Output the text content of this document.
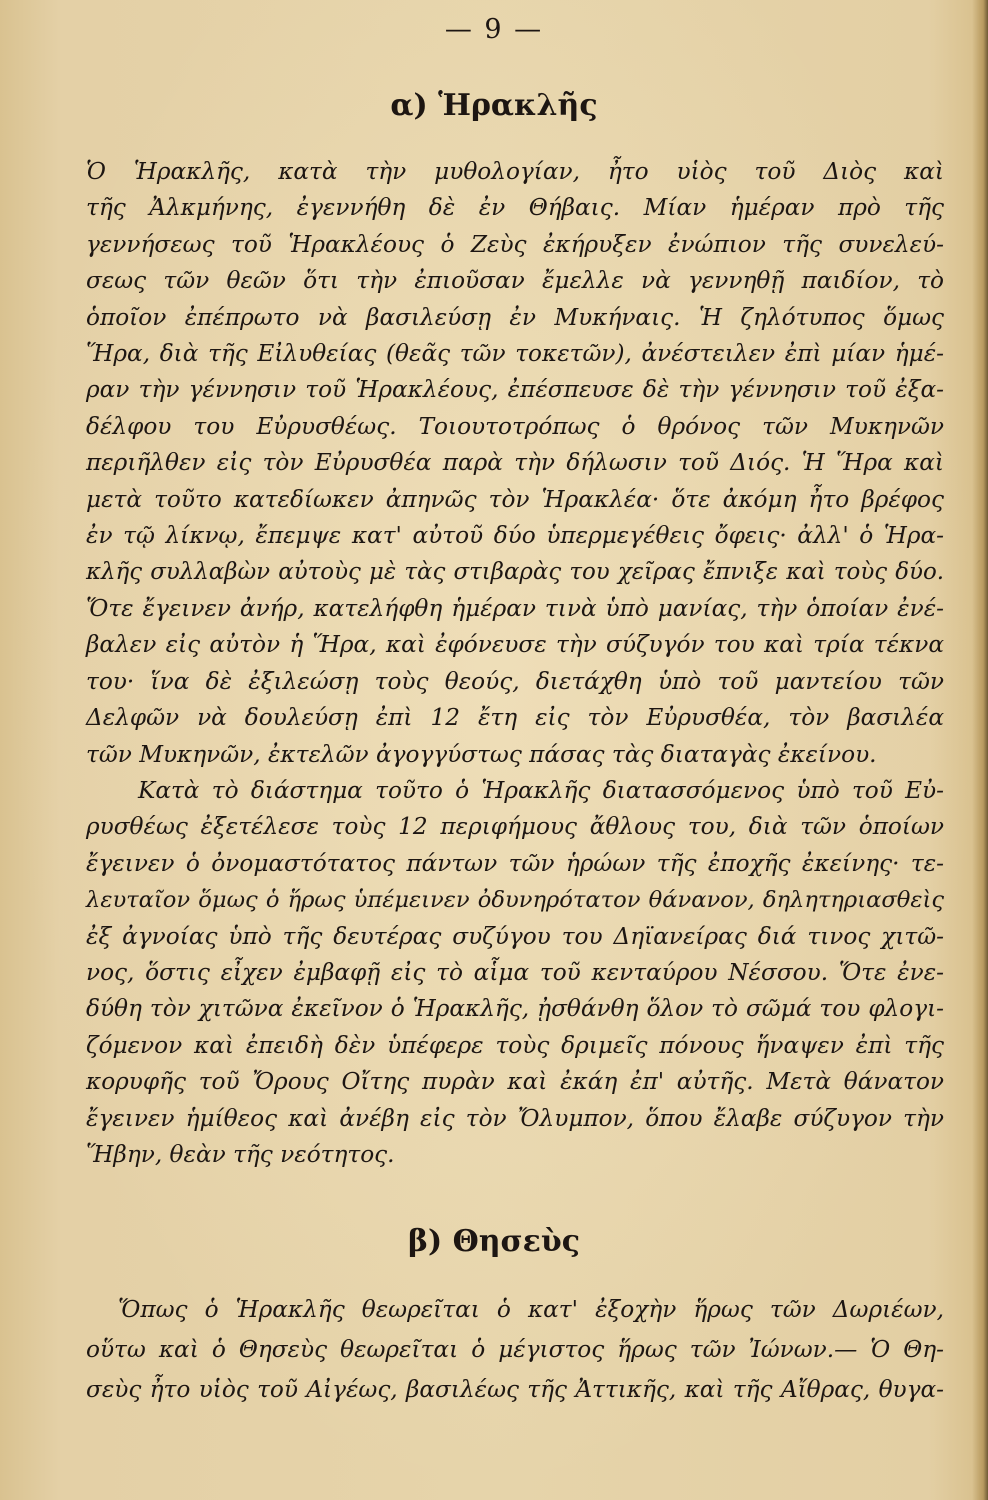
— 9 —
α) Ἡρακλῆς
Ὁ Ἡρακλῆς, κατὰ τὴν μυθολογίαν, ἦτο υἱὸς τοῦ Διὸς καὶ
τῆς Ἀλκμήνης, ἐγεννήθη δὲ ἐν Θήβαις. Μίαν ἡμέραν πρὸ τῆς
γεννήσεως τοῦ Ἡρακλέους ὁ Ζεὺς ἐκήρυξεν ἐνώπιον τῆς συνελεύ-
σεως τῶν θεῶν ὅτι τὴν ἐπιοῦσαν ἔμελλε νὰ γεννηθῇ παιδίον, τὸ
ὁποῖον ἐπέπρωτο νὰ βασιλεύσῃ ἐν Μυκήναις. Ἡ ζηλότυπος ὅμως
Ἥρα, διὰ τῆς Εἰλυθείας (θεᾶς τῶν τοκετῶν), ἀνέστειλεν ἐπὶ μίαν ἡμέ-
ραν τὴν γέννησιν τοῦ Ἡρακλέους, ἐπέσπευσε δὲ τὴν γέννησιν τοῦ ἐξα-
δέλφου του Εὐρυσθέως. Τοιουτοτρόπως ὁ θρόνος τῶν Μυκηνῶν
περιῆλθεν εἰς τὸν Εὐρυσθέα παρὰ τὴν δήλωσιν τοῦ Διός. Ἡ Ἥρα καὶ
μετὰ τοῦτο κατεδίωκεν ἀπηνῶς τὸν Ἡρακλέα· ὅτε ἀκόμη ἦτο βρέφος
ἐν τῷ λίκνῳ, ἔπεμψε κατ' αὐτοῦ δύο ὑπερμεγέθεις ὄφεις· ἀλλ' ὁ Ἡρα-
κλῆς συλλαβὼν αὐτοὺς μὲ τὰς στιβαρὰς του χεῖρας ἔπνιξε καὶ τοὺς δύο.
Ὅτε ἔγεινεν ἀνήρ, κατελήφθη ἡμέραν τινὰ ὑπὸ μανίας, τὴν ὁποίαν ἐνέ-
βαλεν εἰς αὐτὸν ἡ Ἥρα, καὶ ἐφόνευσε τὴν σύζυγόν του καὶ τρία τέκνα
του· ἵνα δὲ ἐξιλεώσῃ τοὺς θεούς, διετάχθη ὑπὸ τοῦ μαντείου τῶν
Δελφῶν νὰ δουλεύσῃ ἐπὶ 12 ἔτη εἰς τὸν Εὐρυσθέα, τὸν βασιλέα
τῶν Μυκηνῶν, ἐκτελῶν ἀγογγύστως πάσας τὰς διαταγὰς ἐκείνου.
Κατὰ τὸ διάστημα τοῦτο ὁ Ἡρακλῆς διατασσόμενος ὑπὸ τοῦ Εὐ-
ρυσθέως ἐξετέλεσε τοὺς 12 περιφήμους ἄθλους του, διὰ τῶν ὁποίων
ἔγεινεν ὁ ὀνομαστότατος πάντων τῶν ἡρώων τῆς ἐποχῆς ἐκείνης· τε-
λευταῖον ὅμως ὁ ἥρως ὑπέμεινεν ὀδυνηρότατον θάνανον, δηλητηριασθεὶς
ἐξ ἀγνοίας ὑπὸ τῆς δευτέρας συζύγου του Δηϊανείρας διά τινος χιτῶ-
νος, ὅστις εἶχεν ἐμβαφῇ εἰς τὸ αἷμα τοῦ κενταύρου Νέσσου. Ὅτε ἐνε-
δύθη τὸν χιτῶνα ἐκεῖνον ὁ Ἡρακλῆς, ᾐσθάνθη ὅλον τὸ σῶμά του φλογι-
ζόμενον καὶ ἐπειδὴ δὲν ὑπέφερε τοὺς δριμεῖς πόνους ἥναψεν ἐπὶ τῆς
κορυφῆς τοῦ Ὄρους Οἴτης πυρὰν καὶ ἐκάη ἐπ' αὐτῆς. Μετὰ θάνατον
ἔγεινεν ἡμίθεος καὶ ἀνέβη εἰς τὸν Ὄλυμπον, ὅπου ἔλαβε σύζυγον τὴν
Ἥβην, θεὰν τῆς νεότητος.
β) Θησεὺς
Ὅπως ὁ Ἡρακλῆς θεωρεῖται ὁ κατ' ἐξοχὴν ἥρως τῶν Δωριέων,
οὕτω καὶ ὁ Θησεὺς θεωρεῖται ὁ μέγιστος ἥρως τῶν Ἰώνων.— Ὁ Θη-
σεὺς ἦτο υἱὸς τοῦ Αἰγέως, βασιλέως τῆς Ἀττικῆς, καὶ τῆς Αἴθρας, θυγα-
